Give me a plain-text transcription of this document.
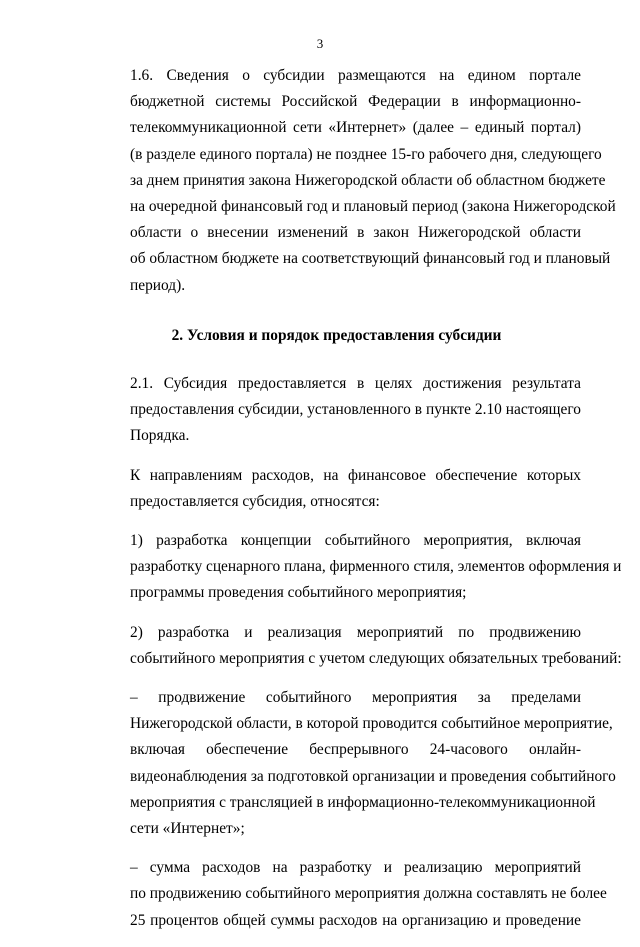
3
1.6. Сведения о субсидии размещаются на едином портале
бюджетной системы Российской Федерации в информационно-
телекоммуникационной сети «Интернет» (далее – единый портал)
(в разделе единого портала) не позднее 15-го рабочего дня, следующего
за днем принятия закона Нижегородской области об областном бюджете
на очередной финансовый год и плановый период (закона Нижегородской
области о внесении изменений в закон Нижегородской области
об областном бюджете на соответствующий финансовый год и плановый
период).
2. Условия и порядок предоставления субсидии
2.1. Субсидия предоставляется в целях достижения результата
предоставления субсидии, установленного в пункте 2.10 настоящего
Порядка.
К направлениям расходов, на финансовое обеспечение которых
предоставляется субсидия, относятся:
1) разработка концепции событийного мероприятия, включая
разработку сценарного плана, фирменного стиля, элементов оформления и
программы проведения событийного мероприятия;
2) разработка и реализация мероприятий по продвижению
событийного мероприятия с учетом следующих обязательных требований:
– продвижение событийного мероприятия за пределами
Нижегородской области, в которой проводится событийное мероприятие,
включая обеспечение беспрерывного 24-часового онлайн-
видеонаблюдения за подготовкой организации и проведения событийного
мероприятия с трансляцией в информационно-телекоммуникационной
сети «Интернет»;
– сумма расходов на разработку и реализацию мероприятий
по продвижению событийного мероприятия должна составлять не более
25 процентов общей суммы расходов на организацию и проведение
